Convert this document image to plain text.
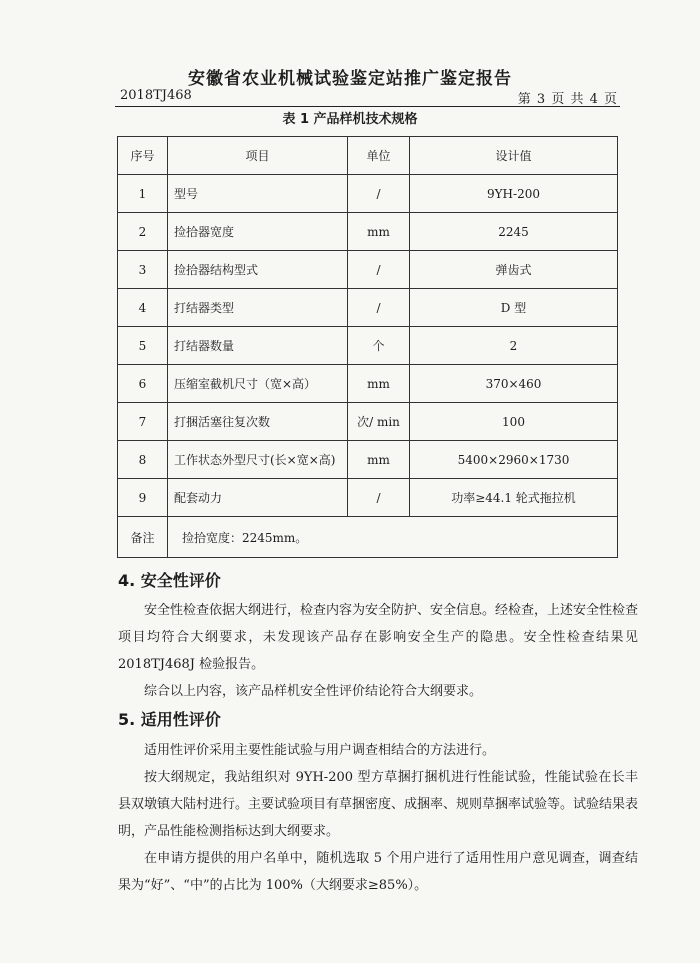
安徽省农业机械试验鉴定站推广鉴定报告
2018TJ468	第 3 页 共 4 页
表 1 产品样机技术规格
序号	项目	单位	设计值
1	型号	/	9YH-200
2	捡拾器宽度	mm	2245
3	捡拾器结构型式	/	弹齿式
4	打结器类型	/	D 型
5	打结器数量	个	2
6	压缩室截机尺寸（宽×高）	mm	370×460
7	打捆活塞往复次数	次/ min	100
8	工作状态外型尺寸(长×宽×高)	mm	5400×2960×1730
9	配套动力	/	功率≥44.1 轮式拖拉机
备注	捡拾宽度：2245mm。		
4. 安全性评价
安全性检查依据大纲进行，检查内容为安全防护、安全信息。经检查，上述安全性检查项目均符合大纲要求，未发现该产品存在影响安全生产的隐患。安全性检查结果见 2018TJ468J 检验报告。
综合以上内容，该产品样机安全性评价结论符合大纲要求。
5. 适用性评价
适用性评价采用主要性能试验与用户调查相结合的方法进行。
按大纲规定，我站组织对 9YH-200 型方草捆打捆机进行性能试验，性能试验在长丰县双墩镇大陆村进行。主要试验项目有草捆密度、成捆率、规则草捆率试验等。试验结果表明，产品性能检测指标达到大纲要求。
在申请方提供的用户名单中，随机选取 5 个用户进行了适用性用户意见调查，调查结果为“好”、“中”的占比为 100%（大纲要求≥85%）。
